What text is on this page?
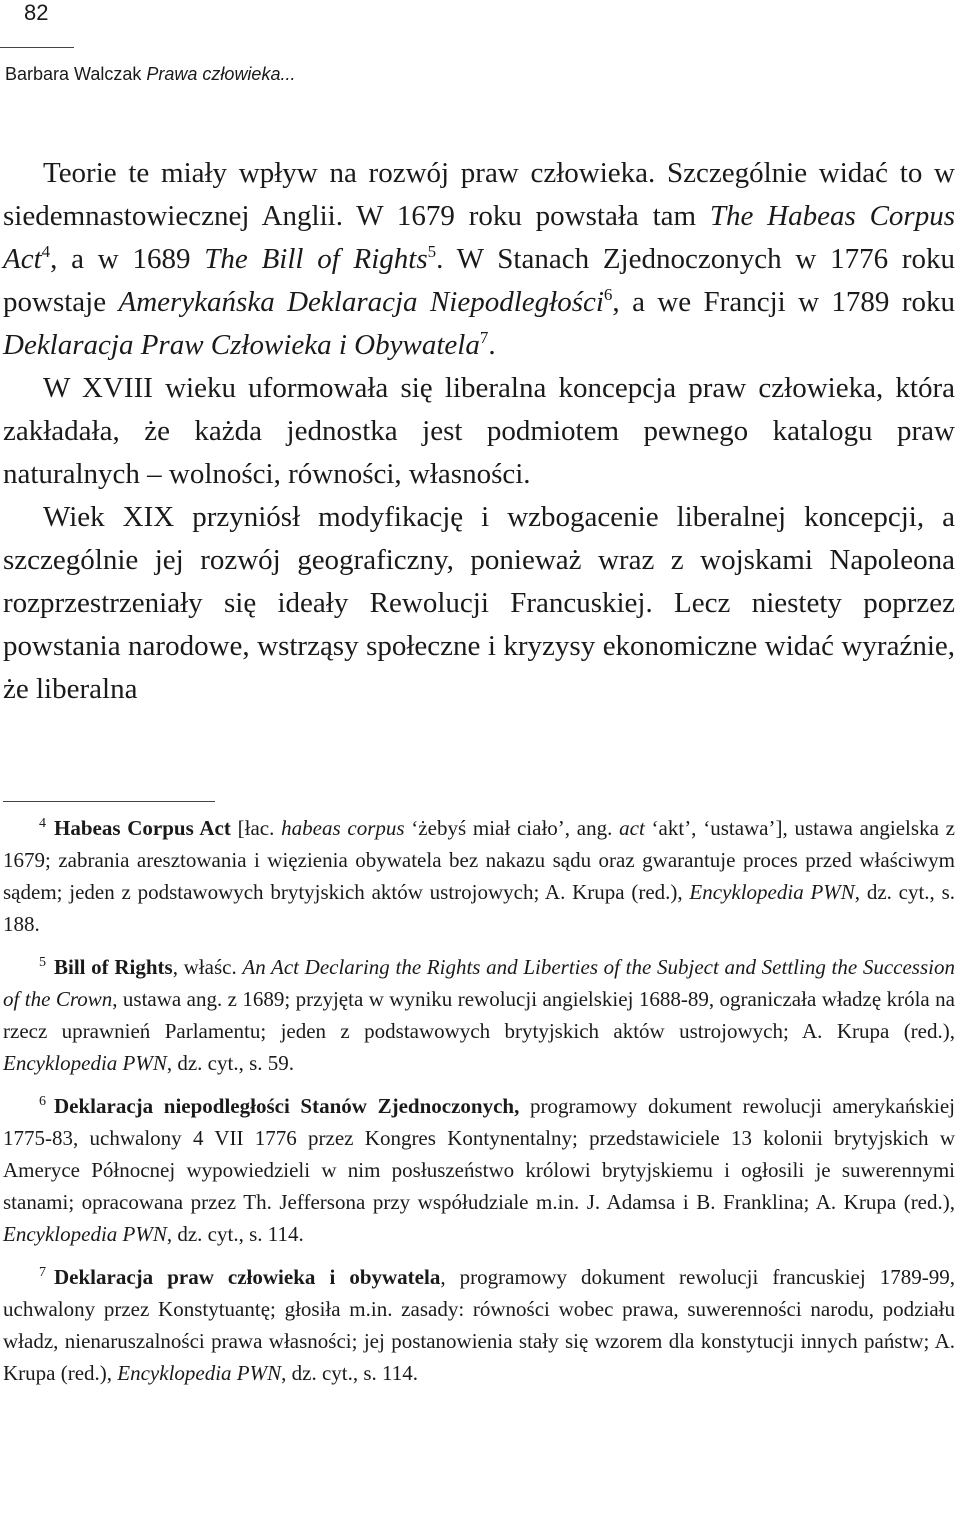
82
Barbara Walczak Prawa człowieka...

Teorie te miały wpływ na rozwój praw człowieka. Szczególnie widać to w siedemnastowiecznej Anglii. W 1679 roku powstała tam The Habeas Corpus Act$^4$, a w 1689 The Bill of Rights$^5$. W Stanach Zjednoczonych w 1776 roku powstaje Amerykańska Deklaracja Niepodległości$^6$, a we Francji w 1789 roku Deklaracja Praw Człowieka i Obywatela$^7$.

W XVIII wieku uformowała się liberalna koncepcja praw człowieka, która zakładała, że każda jednostka jest podmiotem pewnego katalogu praw naturalnych – wolności, równości, własności.

Wiek XIX przyniósł modyfikację i wzbogacenie liberalnej koncepcji, a szczególnie jej rozwój geograficzny, ponieważ wraz z wojskami Napoleona rozprzestrzeniały się ideały Rewolucji Francuskiej. Lecz niestety poprzez powstania narodowe, wstrząsy społeczne i kryzysy ekonomiczne widać wyraźnie, że liberalna

$^4$ Habeas Corpus Act [łac. habeas corpus ‘żebyś miał ciało’, ang. act ‘akt’, ‘ustawa’], ustawa angielska z 1679; zabrania aresztowania i więzienia obywatela bez nakazu sądu oraz gwarantuje proces przed właściwym sądem; jeden z podstawowych brytyjskich aktów ustrojowych; A. Krupa (red.), Encyklopedia PWN, dz. cyt., s. 188.

$^5$ Bill of Rights, właśc. An Act Declaring the Rights and Liberties of the Subject and Settling the Succession of the Crown, ustawa ang. z 1689; przyjęta w wyniku rewolucji angielskiej 1688-89, ograniczała władzę króla na rzecz uprawnień Parlamentu; jeden z podstawowych brytyjskich aktów ustrojowych; A. Krupa (red.), Encyklopedia PWN, dz. cyt., s. 59.

$^6$ Deklaracja niepodległości Stanów Zjednoczonych, programowy dokument rewolucji amerykańskiej 1775-83, uchwalony 4 VII 1776 przez Kongres Kontynentalny; przedstawiciele 13 kolonii brytyjskich w Ameryce Północnej wypowiedzieli w nim posłuszeństwo królowi brytyjskiemu i ogłosili je suwerennymi stanami; opracowana przez Th. Jeffersona przy współudziale m.in. J. Adamsa i B. Franklina; A. Krupa (red.), Encyklopedia PWN, dz. cyt., s. 114.

$^7$ Deklaracja praw człowieka i obywatela, programowy dokument rewolucji francuskiej 1789-99, uchwalony przez Konstytuantę; głosiła m.in. zasady: równości wobec prawa, suwerenności narodu, podziału władz, nienaruszalności prawa własności; jej postanowienia stały się wzorem dla konstytucji innych państw; A. Krupa (red.), Encyklopedia PWN, dz. cyt., s. 114.
